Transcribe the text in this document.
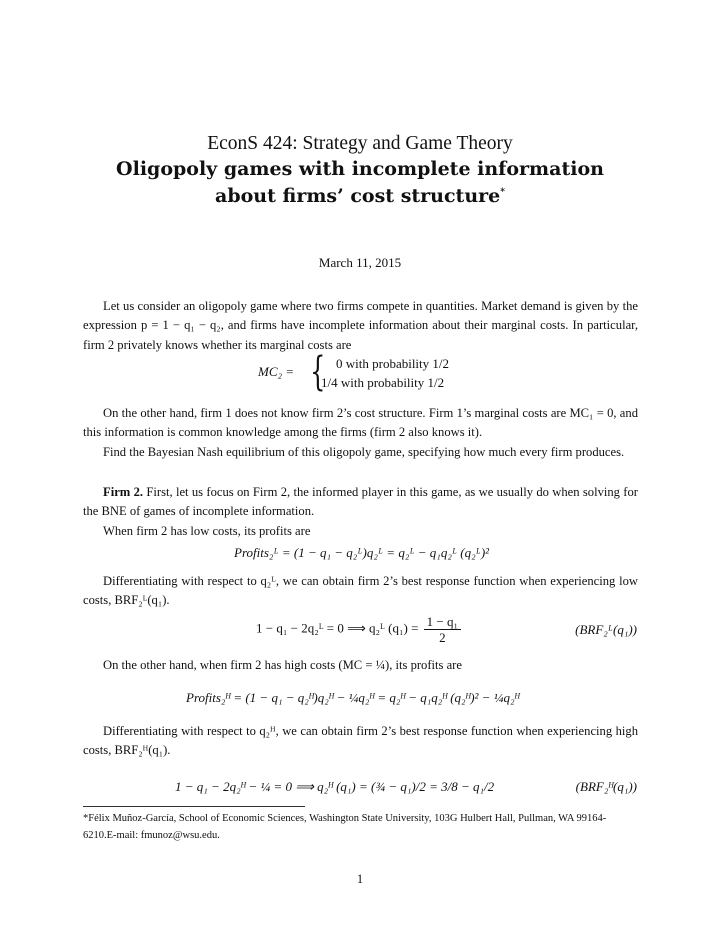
EconS 424: Strategy and Game Theory
Oligopoly games with incomplete information
about firms’ cost structure*
March 11, 2015
Let us consider an oligopoly game where two firms compete in quantities. Market demand is given by the expression p = 1 − q₁ − q₂, and firms have incomplete information about their marginal costs. In particular, firm 2 privately knows whether its marginal costs are
MC₂ = { 0 with probability 1/2
1/4 with probability 1/2
On the other hand, firm 1 does not know firm 2’s cost structure. Firm 1’s marginal costs are MC₁ = 0, and this information is common knowledge among the firms (firm 2 also knows it).
Find the Bayesian Nash equilibrium of this oligopoly game, specifying how much every firm produces.
Firm 2. First, let us focus on Firm 2, the informed player in this game, as we usually do when solving for the BNE of games of incomplete information.
When firm 2 has low costs, its profits are
Profits₂ᴸ = (1 − q₁ − q₂ᴸ)q₂ᴸ = q₂ᴸ − q₁q₂ᴸ (q₂ᴸ)²
Differentiating with respect to q₂ᴸ, we can obtain firm 2’s best response function when experiencing low costs, BRF₂ᴸ(q₁).
1 − q₁ − 2q₂ᴸ = 0 ⟹ q₂ᴸ $(q_1) = \frac{\text{1 − q₁}}{2}$	(BRF₂ᴸ(q₁))
On the other hand, when firm 2 has high costs (MC = ¼), its profits are
Profits₂ᴴ = (1 − q₁ − q₂ᴴ)q₂ᴴ − ¼q₂ᴴ = q₂ᴴ − q₁q₂ᴴ (q₂ᴴ)² − ¼q₂ᴴ
Differentiating with respect to q₂ᴴ, we can obtain firm 2’s best response function when experiencing high costs, BRF₂ᴴ(q₁).
1 − q₁ − 2q₂ᴴ − ¼ = 0 ⟹ q₂ᴴ (q₁) = (¾ − q₁)/2 = 3/8 − q₁/2	(BRF₂ᴴ(q₁))
*Félix Muñoz-García, School of Economic Sciences, Washington State University, 103G Hulbert Hall, Pullman, WA 99164-6210.E-mail: fmunoz@wsu.edu.
1
